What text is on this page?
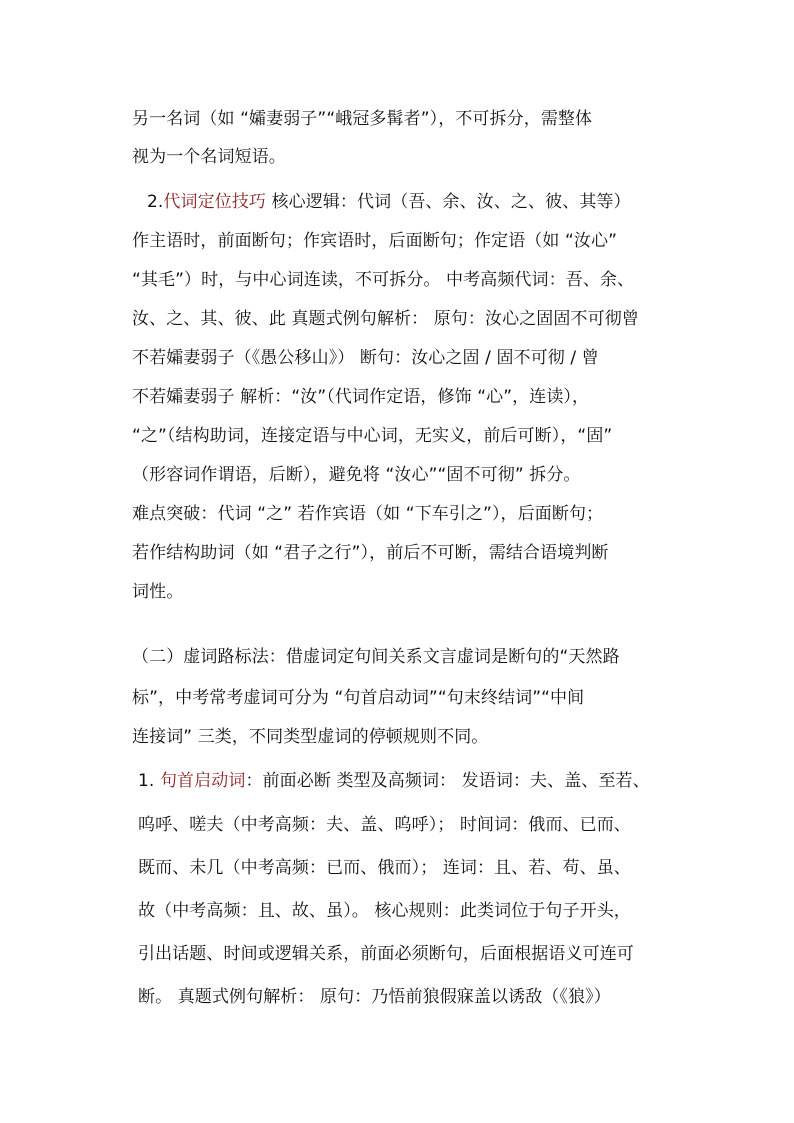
另一名词（如 “孀妻弱子”“峨冠多髯者”），不可拆分，需整体
视为一个名词短语。
2.代词定位技巧 核心逻辑：代词（吾、余、汝、之、彼、其等）
作主语时，前面断句；作宾语时，后面断句；作定语（如 “汝心”
“其毛”）时，与中心词连读，不可拆分。 中考高频代词：吾、余、
汝、之、其、彼、此 真题式例句解析： 原句：汝心之固固不可彻曾
不若孀妻弱子（《愚公移山》） 断句：汝心之固 / 固不可彻 / 曾
不若孀妻弱子 解析：“汝”（代词作定语，修饰 “心”，连读），
“之”（结构助词，连接定语与中心词，无实义，前后可断），“固”
（形容词作谓语，后断），避免将 “汝心”“固不可彻” 拆分。
难点突破：代词 “之” 若作宾语（如 “下车引之”），后面断句；
若作结构助词（如 “君子之行”），前后不可断，需结合语境判断
词性。
（二）虚词路标法：借虚词定句间关系文言虚词是断句的“天然路
标”，中考常考虚词可分为 “句首启动词”“句末终结词”“中间
连接词” 三类，不同类型虚词的停顿规则不同。
1. 句首启动词：前面必断 类型及高频词： 发语词：夫、盖、至若、
呜呼、嗟夫（中考高频：夫、盖、呜呼）； 时间词：俄而、已而、
既而、未几（中考高频：已而、俄而）； 连词：且、若、苟、虽、
故（中考高频：且、故、虽）。 核心规则：此类词位于句子开头，
引出话题、时间或逻辑关系，前面必须断句，后面根据语义可连可
断。 真题式例句解析： 原句：乃悟前狼假寐盖以诱敌（《狼》）
